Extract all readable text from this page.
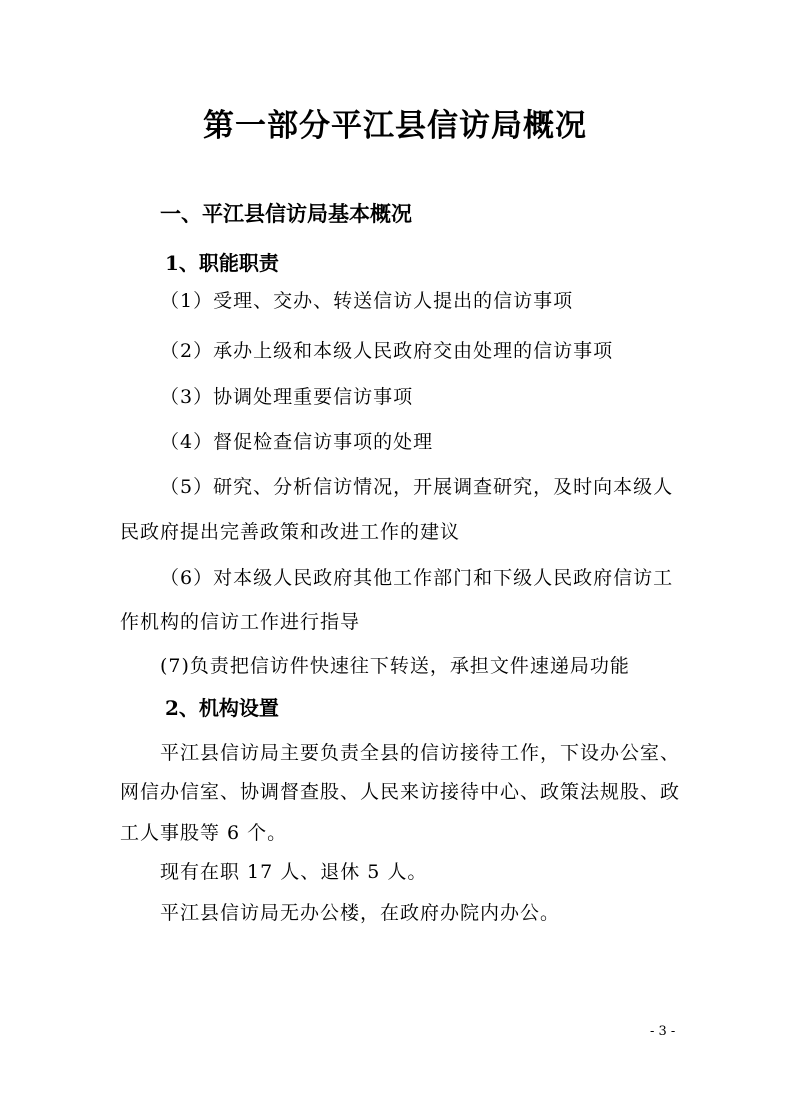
第一部分平江县信访局概况
一、平江县信访局基本概况
1、职能职责
（1）受理、交办、转送信访人提出的信访事项
（2）承办上级和本级人民政府交由处理的信访事项
（3）协调处理重要信访事项
（4）督促检查信访事项的处理
（5）研究、分析信访情况，开展调查研究，及时向本级人
民政府提出完善政策和改进工作的建议
（6）对本级人民政府其他工作部门和下级人民政府信访工
作机构的信访工作进行指导
(7)负责把信访件快速往下转送，承担文件速递局功能
2、机构设置
平江县信访局主要负责全县的信访接待工作，下设办公室、
网信办信室、协调督查股、人民来访接待中心、政策法规股、政
工人事股等 6 个。
现有在职 17 人、退休 5 人。
平江县信访局无办公楼，在政府办院内办公。
- 3 -
